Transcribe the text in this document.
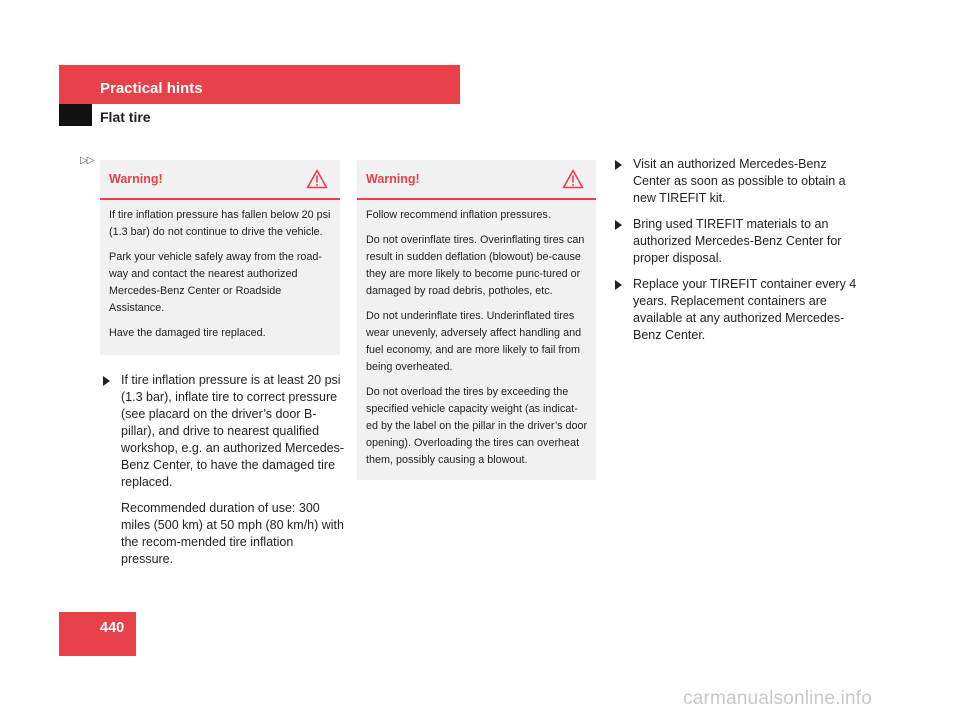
Practical hints
Flat tire
▷▷
Warning!

If tire inflation pressure has fallen below 20 psi (1.3 bar) do not continue to drive the vehicle.

Park your vehicle safely away from the road-way and contact the nearest authorized Mercedes-Benz Center or Roadside Assistance.

Have the damaged tire replaced.

Warning!

Follow recommend inflation pressures.

Do not overinflate tires. Overinflating tires can result in sudden deflation (blowout) be-cause they are more likely to become punc-tured or damaged by road debris, potholes, etc.

Do not underinflate tires. Underinflated tires wear unevenly, adversely affect handling and fuel economy, and are more likely to fail from being overheated.

Do not overload the tires by exceeding the specified vehicle capacity weight (as indicat-ed by the label on the pillar in the driver’s door opening). Overloading the tires can overheat them, possibly causing a blowout.

If tire inflation pressure is at least 20 psi (1.3 bar), inflate tire to correct pressure (see placard on the driver’s door B-pillar), and drive to nearest qualified workshop, e.g. an authorized Mercedes-Benz Center, to have the damaged tire replaced.
Recommended duration of use: 300 miles (500 km) at 50 mph (80 km/h) with the recom-mended tire inflation pressure.
Visit an authorized Mercedes-Benz Center as soon as possible to obtain a new TIREFIT kit.
Bring used TIREFIT materials to an authorized Mercedes-Benz Center for proper disposal.
Replace your TIREFIT container every 4 years. Replacement containers are available at any authorized Mercedes-Benz Center.
440
carmanualsonline.info
